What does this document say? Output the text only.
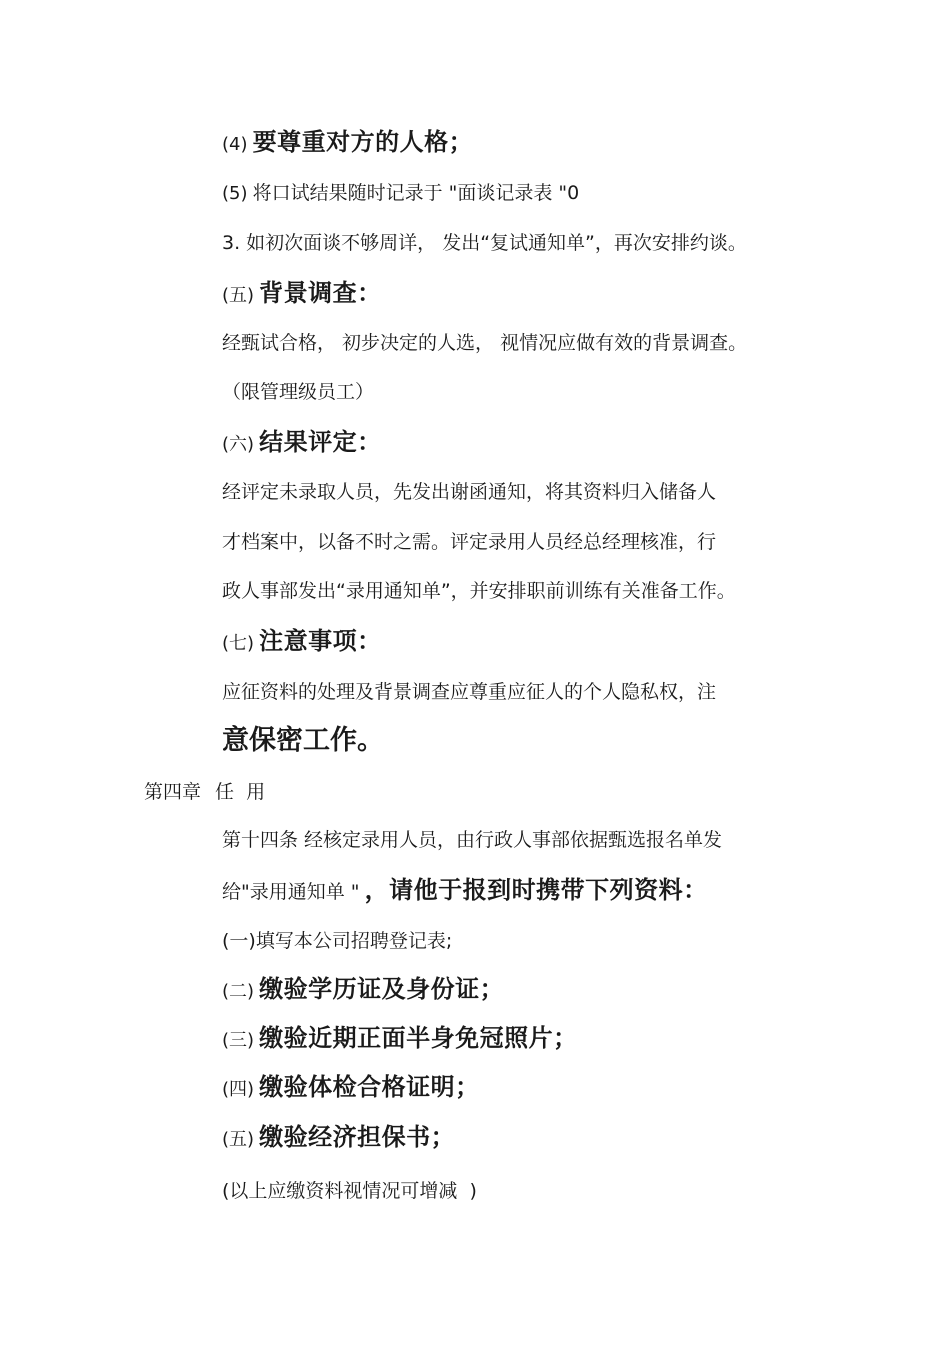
(4) 要尊重对方的人格；
(5) 将口试结果随时记录于 "面谈记录表 "0
3. 如初次面谈不够周详， 发出“复试通知单”，再次安排约谈。
(五) 背景调查：
经甄试合格， 初步决定的人选， 视情况应做有效的背景调查。
（限管理级员工）
(六) 结果评定：
经评定未录取人员，先发出谢函通知，将其资料归入储备人
才档案中，以备不时之需。评定录用人员经总经理核准，行
政人事部发出“录用通知单”，并安排职前训练有关准备工作。
(七) 注意事项：
应征资料的处理及背景调查应尊重应征人的个人隐私权，注
意保密工作。
第四章 任  用
第十四条 经核定录用人员，由行政人事部依据甄选报名单发
给"录用通知单 " ，请他于报到时携带下列资料：
(一)填写本公司招聘登记表;
(二) 缴验学历证及身份证；
(三) 缴验近期正面半身免冠照片；
(四) 缴验体检合格证明；
(五) 缴验经济担保书；
(以上应缴资料视情况可增减  )
